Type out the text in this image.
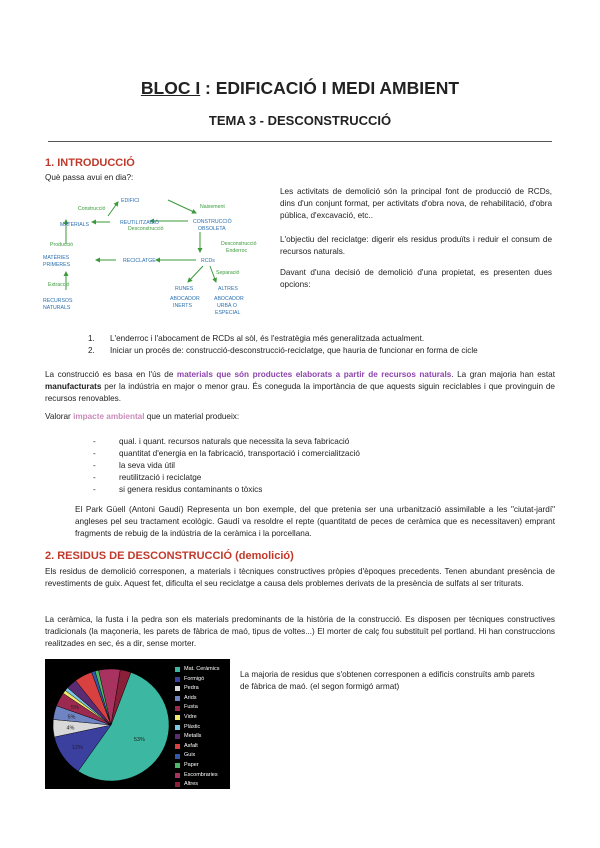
BLOC I : EDIFICACIÓ I MEDI AMBIENT
TEMA 3 - DESCONSTRUCCIÓ
1. INTRODUCCIÓ
Què passa avui en dia?:
EDIFICI
Construcció	Naixement
MATERIALS	REUTILITZACIÓ
Desconstrucció
CONSTRUCCIÓ
OBSOLETA
Enderroc
Producció	Desconstrucció
MATÈRIES
PRIMERES
RECICLATGE	RCDs
Separació
Extracció
RECURSOS
NATURALS
RUNES
ABOCADOR
INERTS
ALTRES
ABOCADOR
URBÀ O
ESPECIAL
Les activitats de demolició són la principal font de producció de RCDs, dins d'un conjunt format, per activitats d'obra nova, de rehabilitació, d'obra pública, d'excavació, etc..
L'objectiu del reciclatge: digerir els residus produïts i reduir el consum de recursos naturals.
Davant d'una decisió de demolició d'una propietat, es presenten dues opcions:
1. L'enderroc i l'abocament de RCDs al sòl, és l'estratègia més generalitzada actualment.
2. Iniciar un procés de: construcció-desconstrucció-reciclatge, que hauria de funcionar en forma de cicle
La construcció es basa en l'ús de materials que són productes elaborats a partir de recursos naturals. La gran majoria han estat manufacturats per la indústria en major o menor grau. És coneguda la importància de que aquests siguin reciclables i que provinguin de recursos renovables.
Valorar impacte ambiental que un material produeix:
-	qual. i quant. recursos naturals que necessita la seva fabricació
-	quantitat d'energia en la fabricació, transportació i comercialització
-	la seva vida útil
-	reutilització i reciclatge
-	si genera residus contaminants o tòxics
El Park Güell (Antoni Gaudí) Representa un bon exemple, del que pretenia ser una urbanització assimilable a les "ciutat-jardí" angleses pel seu tractament ecològic. Gaudí va resoldre el repte (quantitatd de peces de ceràmica que es necessitaven) emprant fragments de rebuig de la indústria de la ceràmica i la porcellana.
2. RESIDUS DE DESCONSTRUCCIÓ (demolició)
Els residus de demolició corresponen, a materials i tècniques constructives pròpies d'èpoques precedents. Tenen abundant presència de revestiments de guix. Aquest fet, dificulta el seu reciclatge a causa dels problemes derivats de la presència de sulfats al ser triturats.
La ceràmica, la fusta i la pedra son els materials predominants de la història de la construcció. Es disposen per tècniques constructives tradicionals (la maçoneria, les parets de fàbrica de maó, tipus de voltes...) El morter de calç fou substituït pel portland. Hi han construccions realitzades en sec, és a dir, sense morter.
53%
12%
4%
5%
5%
Mat. Ceràmics
Formigó
Pedra
Arids
Fusta
Vidre
Plàstic
Metalls
Asfalt
Guix
Paper
Escombraries
Altres
La majoria de residus que s'obtenen corresponen a edificis construïts amb parets de fàbrica de maó. (el segon formigó armat)
